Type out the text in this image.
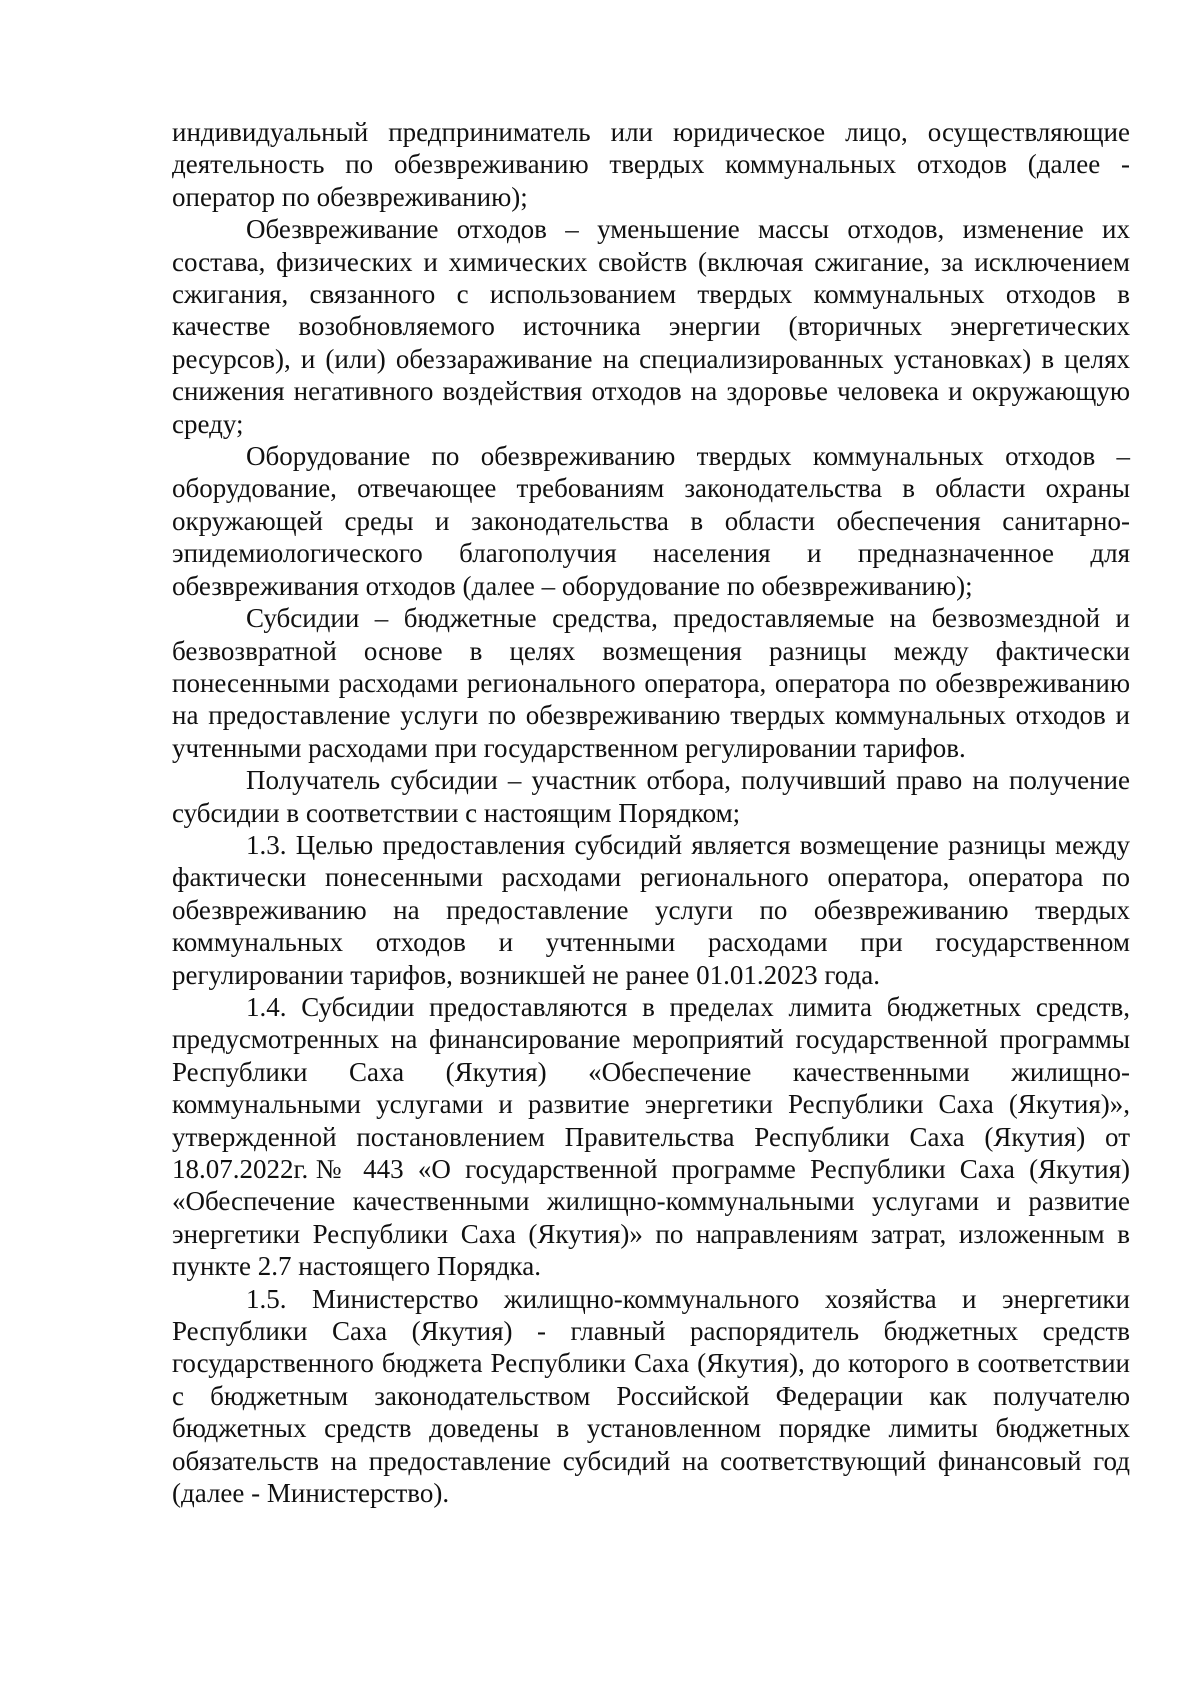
индивидуальный предприниматель или юридическое лицо, осуществляющие деятельность по обезвреживанию твердых коммунальных отходов (далее - оператор по обезвреживанию);

Обезвреживание отходов – уменьшение массы отходов, изменение их состава, физических и химических свойств (включая сжигание, за исключением сжигания, связанного с использованием твердых коммунальных отходов в качестве возобновляемого источника энергии (вторичных энергетических ресурсов), и (или) обеззараживание на специализированных установках) в целях снижения негативного воздействия отходов на здоровье человека и окружающую среду;

Оборудование по обезвреживанию твердых коммунальных отходов – оборудование, отвечающее требованиям законодательства в области охраны окружающей среды и законодательства в области обеспечения санитарно-эпидемиологического благополучия населения и предназначенное для обезвреживания отходов (далее – оборудование по обезвреживанию);

Субсидии – бюджетные средства, предоставляемые на безвозмездной и безвозвратной основе в целях возмещения разницы между фактически понесенными расходами регионального оператора, оператора по обезвреживанию на предоставление услуги по обезвреживанию твердых коммунальных отходов и учтенными расходами при государственном регулировании тарифов.

Получатель субсидии – участник отбора, получивший право на получение субсидии в соответствии с настоящим Порядком;

1.3. Целью предоставления субсидий является возмещение разницы между фактически понесенными расходами регионального оператора, оператора по обезвреживанию на предоставление услуги по обезвреживанию твердых коммунальных отходов и учтенными расходами при государственном регулировании тарифов, возникшей не ранее 01.01.2023 года.

1.4. Субсидии предоставляются в пределах лимита бюджетных средств, предусмотренных на финансирование мероприятий государственной программы Республики Саха (Якутия) «Обеспечение качественными жилищно-коммунальными услугами и развитие энергетики Республики Саха (Якутия)», утвержденной постановлением Правительства Республики Саха (Якутия) от 18.07.2022г.№ 443 «О государственной программе Республики Саха (Якутия) «Обеспечение качественными жилищно-коммунальными услугами и развитие энергетики Республики Саха (Якутия)» по направлениям затрат, изложенным в пункте 2.7 настоящего Порядка.

1.5. Министерство жилищно-коммунального хозяйства и энергетики Республики Саха (Якутия) - главный распорядитель бюджетных средств государственного бюджета Республики Саха (Якутия), до которого в соответствии с бюджетным законодательством Российской Федерации как получателю бюджетных средств доведены в установленном порядке лимиты бюджетных обязательств на предоставление субсидий на соответствующий финансовый год (далее - Министерство).
